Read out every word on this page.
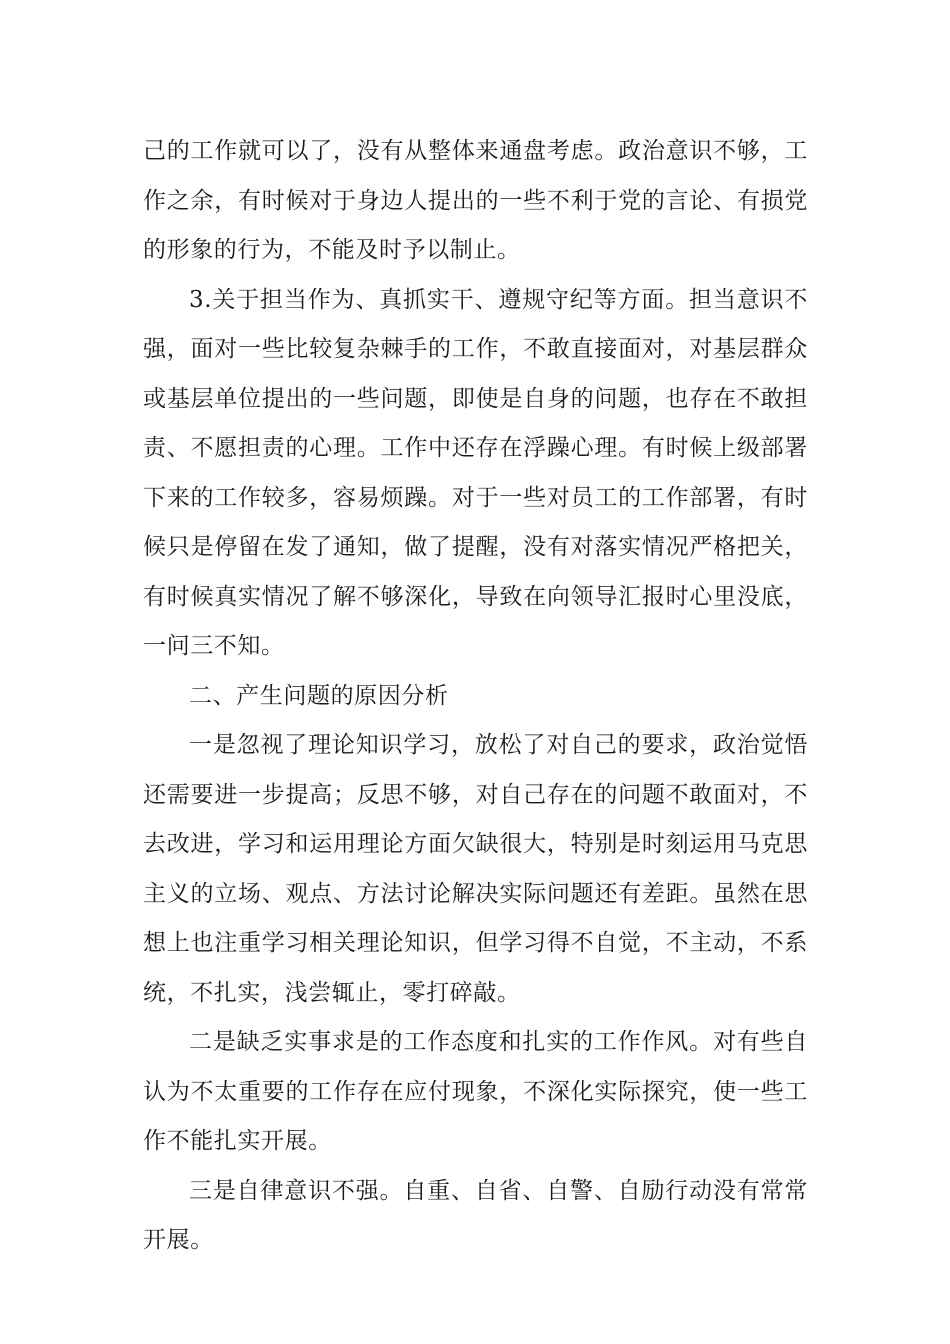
己的工作就可以了，没有从整体来通盘考虑。政治意识不够，工作之余，有时候对于身边人提出的一些不利于党的言论、有损党的形象的行为，不能及时予以制止。

3.关于担当作为、真抓实干、遵规守纪等方面。担当意识不强，面对一些比较复杂棘手的工作，不敢直接面对，对基层群众或基层单位提出的一些问题，即使是自身的问题，也存在不敢担责、不愿担责的心理。工作中还存在浮躁心理。有时候上级部署下来的工作较多，容易烦躁。对于一些对员工的工作部署，有时候只是停留在发了通知，做了提醒，没有对落实情况严格把关，有时候真实情况了解不够深化，导致在向领导汇报时心里没底，一问三不知。

二、产生问题的原因分析

一是忽视了理论知识学习，放松了对自己的要求，政治觉悟还需要进一步提高；反思不够，对自己存在的问题不敢面对，不去改进，学习和运用理论方面欠缺很大，特别是时刻运用马克思主义的立场、观点、方法讨论解决实际问题还有差距。虽然在思想上也注重学习相关理论知识，但学习得不自觉，不主动，不系统，不扎实，浅尝辄止，零打碎敲。

二是缺乏实事求是的工作态度和扎实的工作作风。对有些自认为不太重要的工作存在应付现象，不深化实际探究，使一些工作不能扎实开展。

三是自律意识不强。自重、自省、自警、自励行动没有常常开展。
